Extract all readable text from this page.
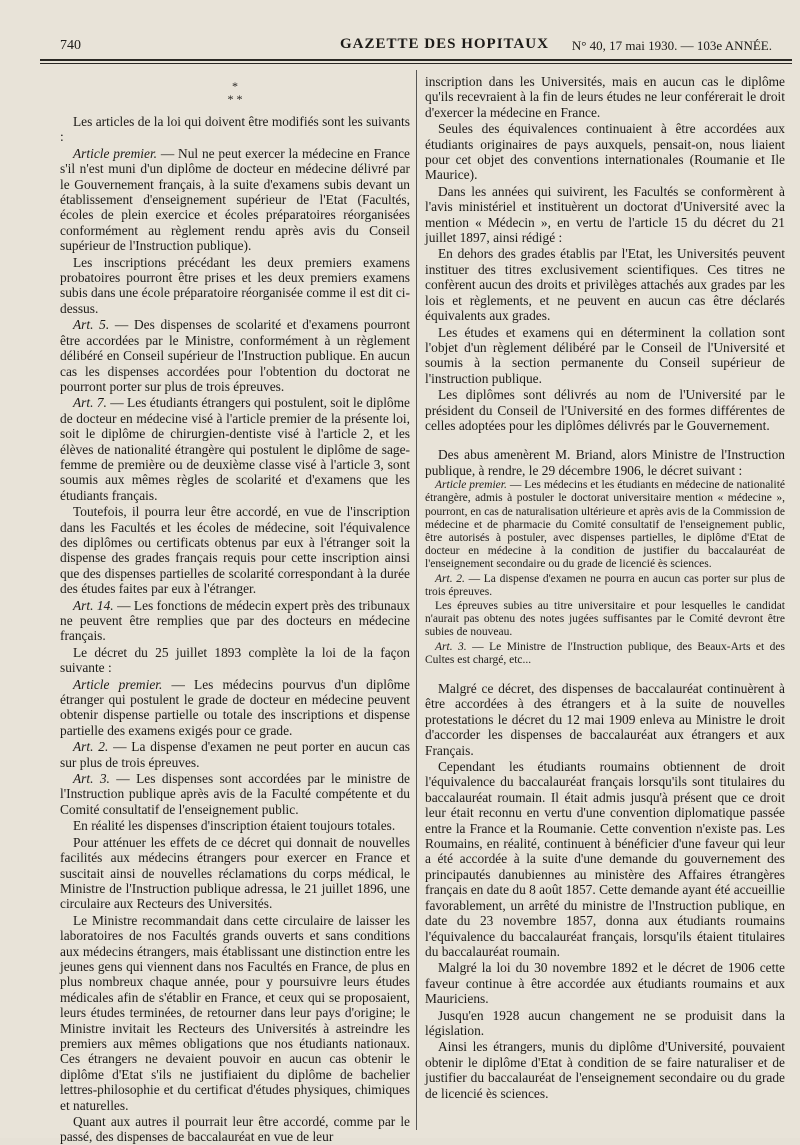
740	GAZETTE DES HOPITAUX N° 40, 17 mai 1930. — 103e ANNÉE.
*
* *

Les articles de la loi qui doivent être modifiés sont les suivants :

Article premier. — Nul ne peut exercer la médecine en France s'il n'est muni d'un diplôme de docteur en médecine délivré par le Gouvernement français, à la suite d'examens subis devant un établissement d'enseignement supérieur de l'Etat (Facultés, écoles de plein exercice et écoles préparatoires réorganisées conformément au règlement rendu après avis du Conseil supérieur de l'Instruction publique).

Les inscriptions précédant les deux premiers examens probatoires pourront être prises et les deux premiers examens subis dans une école préparatoire réorganisée comme il est dit ci-dessus.

Art. 5. — Des dispenses de scolarité et d'examens pourront être accordées par le Ministre, conformément à un règlement délibéré en Conseil supérieur de l'Instruction publique. En aucun cas les dispenses accordées pour l'obtention du doctorat ne pourront porter sur plus de trois épreuves.

Art. 7. — Les étudiants étrangers qui postulent, soit le diplôme de docteur en médecine visé à l'article premier de la présente loi, soit le diplôme de chirurgien-dentiste visé à l'article 2, et les élèves de nationalité étrangère qui postulent le diplôme de sage-femme de première ou de deuxième classe visé à l'article 3, sont soumis aux mêmes règles de scolarité et d'examens que les étudiants français.

Toutefois, il pourra leur être accordé, en vue de l'inscription dans les Facultés et les écoles de médecine, soit l'équivalence des diplômes ou certificats obtenus par eux à l'étranger soit la dispense des grades français requis pour cette inscription ainsi que des dispenses partielles de scolarité correspondant à la durée des études faites par eux à l'étranger.

Art. 14. — Les fonctions de médecin expert près des tribunaux ne peuvent être remplies que par des docteurs en médecine français.

Le décret du 25 juillet 1893 complète la loi de la façon suivante :

Article premier. — Les médecins pourvus d'un diplôme étranger qui postulent le grade de docteur en médecine peuvent obtenir dispense partielle ou totale des inscriptions et dispense partielle des examens exigés pour ce grade.

Art. 2. — La dispense d'examen ne peut porter en aucun cas sur plus de trois épreuves.

Art. 3. — Les dispenses sont accordées par le ministre de l'Instruction publique après avis de la Faculté compétente et du Comité consultatif de l'enseignement public.

En réalité les dispenses d'inscription étaient toujours totales.

Pour atténuer les effets de ce décret qui donnait de nouvelles facilités aux médecins étrangers pour exercer en France et suscitait ainsi de nouvelles réclamations du corps médical, le Ministre de l'Instruction publique adressa, le 21 juillet 1896, une circulaire aux Recteurs des Universités.

Le Ministre recommandait dans cette circulaire de laisser les laboratoires de nos Facultés grands ouverts et sans conditions aux médecins étrangers, mais établissant une distinction entre les jeunes gens qui viennent dans nos Facultés en France, de plus en plus nombreux chaque année, pour y poursuivre leurs études médicales afin de s'établir en France, et ceux qui se proposaient, leurs études terminées, de retourner dans leur pays d'origine; le Ministre invitait les Recteurs des Universités à astreindre les premiers aux mêmes obligations que nos étudiants nationaux. Ces étrangers ne devaient pouvoir en aucun cas obtenir le diplôme d'Etat s'ils ne justifiaient du diplôme de bachelier lettres-philosophie et du certificat d'études physiques, chimiques et naturelles.

Quant aux autres il pourrait leur être accordé, comme par le passé, des dispenses de baccalauréat en vue de leur

inscription dans les Universités, mais en aucun cas le diplôme qu'ils recevraient à la fin de leurs études ne leur conférerait le droit d'exercer la médecine en France.

Seules des équivalences continuaient à être accordées aux étudiants originaires de pays auxquels, pensait-on, nous liaient pour cet objet des conventions internationales (Roumanie et Ile Maurice).

Dans les années qui suivirent, les Facultés se conformèrent à l'avis ministériel et instituèrent un doctorat d'Université avec la mention « Médecin », en vertu de l'article 15 du décret du 21 juillet 1897, ainsi rédigé :

En dehors des grades établis par l'Etat, les Universités peuvent instituer des titres exclusivement scientifiques. Ces titres ne confèrent aucun des droits et privilèges attachés aux grades par les lois et règlements, et ne peuvent en aucun cas être déclarés équivalents aux grades.

Les études et examens qui en déterminent la collation sont l'objet d'un règlement délibéré par le Conseil de l'Université et soumis à la section permanente du Conseil supérieur de l'instruction publique.

Les diplômes sont délivrés au nom de l'Université par le président du Conseil de l'Université en des formes différentes de celles adoptées pour les diplômes délivrés par le Gouvernement.

Des abus amenèrent M. Briand, alors Ministre de l'Instruction publique, à rendre, le 29 décembre 1906, le décret suivant :

Article premier. — Les médecins et les étudiants en médecine de nationalité étrangère, admis à postuler le doctorat universitaire mention « médecine », pourront, en cas de naturalisation ultérieure et après avis de la Commission de médecine et de pharmacie du Comité consultatif de l'enseignement public, être autorisés à postuler, avec dispenses partielles, le diplôme d'Etat de docteur en médecine à la condition de justifier du baccalauréat de l'enseignement secondaire ou du grade de licencié ès sciences.

Art. 2. — La dispense d'examen ne pourra en aucun cas porter sur plus de trois épreuves.

Les épreuves subies au titre universitaire et pour lesquelles le candidat n'aurait pas obtenu des notes jugées suffisantes par le Comité devront être subies de nouveau.

Art. 3. — Le Ministre de l'Instruction publique, des Beaux-Arts et des Cultes est chargé, etc...

Malgré ce décret, des dispenses de baccalauréat continuèrent à être accordées à des étrangers et à la suite de nouvelles protestations le décret du 12 mai 1909 enleva au Ministre le droit d'accorder les dispenses de baccalauréat aux étrangers et aux Français.

Cependant les étudiants roumains obtiennent de droit l'équivalence du baccalauréat français lorsqu'ils sont titulaires du baccalauréat roumain. Il était admis jusqu'à présent que ce droit leur était reconnu en vertu d'une convention diplomatique passée entre la France et la Roumanie. Cette convention n'existe pas. Les Roumains, en réalité, continuent à bénéficier d'une faveur qui leur a été accordée à la suite d'une demande du gouvernement des principautés danubiennes au ministère des Affaires étrangères français en date du 8 août 1857. Cette demande ayant été accueillie favorablement, un arrêté du ministre de l'Instruction publique, en date du 23 novembre 1857, donna aux étudiants roumains l'équivalence du baccalauréat français, lorsqu'ils étaient titulaires du baccalauréat roumain.

Malgré la loi du 30 novembre 1892 et le décret de 1906 cette faveur continue à être accordée aux étudiants roumains et aux Mauriciens.

Jusqu'en 1928 aucun changement ne se produisit dans la législation.

Ainsi les étrangers, munis du diplôme d'Université, pouvaient obtenir le diplôme d'Etat à condition de se faire naturaliser et de justifier du baccalauréat de l'enseignement secondaire ou du grade de licencié ès sciences.
